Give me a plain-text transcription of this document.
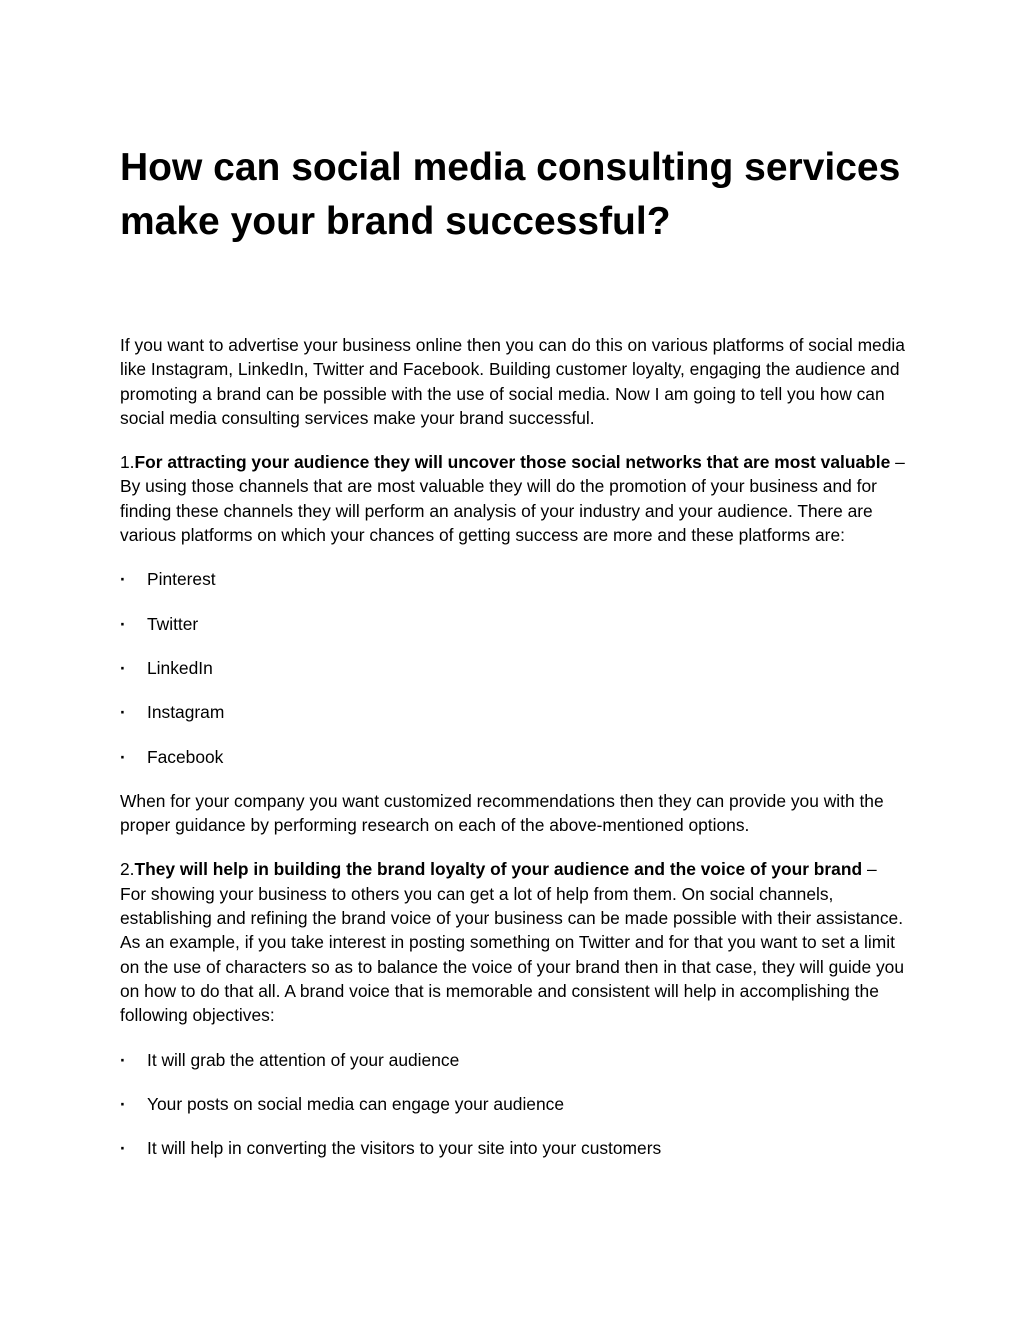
How can social media consulting services make your brand successful?

If you want to advertise your business online then you can do this on various platforms of social media like Instagram, LinkedIn, Twitter and Facebook. Building customer loyalty, engaging the audience and promoting a brand can be possible with the use of social media. Now I am going to tell you how can social media consulting services make your brand successful.

1.For attracting your audience they will uncover those social networks that are most valuable – By using those channels that are most valuable they will do the promotion of your business and for finding these channels they will perform an analysis of your industry and your audience. There are various platforms on which your chances of getting success are more and these platforms are:

· Pinterest
· Twitter
· LinkedIn
· Instagram
· Facebook

When for your company you want customized recommendations then they can provide you with the proper guidance by performing research on each of the above-mentioned options.

2.They will help in building the brand loyalty of your audience and the voice of your brand – For showing your business to others you can get a lot of help from them. On social channels, establishing and refining the brand voice of your business can be made possible with their assistance. As an example, if you take interest in posting something on Twitter and for that you want to set a limit on the use of characters so as to balance the voice of your brand then in that case, they will guide you on how to do that all. A brand voice that is memorable and consistent will help in accomplishing the following objectives:

· It will grab the attention of your audience
· Your posts on social media can engage your audience
· It will help in converting the visitors to your site into your customers
